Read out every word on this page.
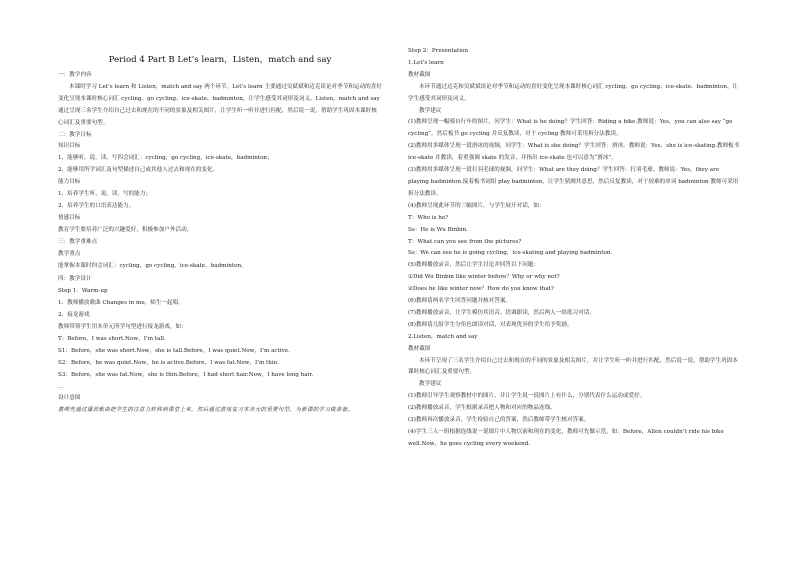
Period 4 Part B Let’s learn，Listen，match and say
一：教学内容
本课时学习 Let’s learn 和 Listen，match and say 两个环节。Let’s learn 主要通过吴斌斌和迈克谈论对季节和运动的喜好变化呈现本课时核心词汇 cycling、go cycling、ice-skate、badminton，让学生感受其词形及词义。Listen，match and say 通过呈现三名学生介绍自己过去和现在的不同的景象及相关图片，让学生听一听并进行匹配，然后说一说，帮助学生巩固本课时核心词汇及重要句型。
二：教学目标
知识目标
1、能够听、说、读、写四会词汇：cycling，go cycling，ice-skate，badminton；
2、能够用所学词汇及句型描述自己或其他人过去和现在的变化。
能力目标
1、培养学生听、说、读、写的能力；
2、培养学生的口语表达能力。
情感目标
教育学生要培养广泛的兴趣爱好，积极参加户外活动。
三：教学重难点
教学重点
能掌握本课时四会词汇：cycling，go cycling，ice-skate，badminton。
四：教学设计
Step 1：Warm-up
1、教师播放歌曲 Changes in me，师生一起唱。
2、接龙游戏
教师带领学生用本单元所学句型进行接龙游戏，如：
T：Before，I was short.Now，I’m tall.
S1：Before，she was short.Now，she is tall.Before，I was quiet.Now，I’m active.
S2：Before，he was quiet.Now，he is active.Before，I was fat.Now，I’m thin.
S3：Before，she was fat.Now，she is thin.Before，I had short hair.Now，I have long hair.
…
设计意图
教师先通过播放歌曲把学生的注意力转移到课堂上来，然后通过游戏复习本单元的重要句型，为新课的学习做准备。
Step 2：Presentation
1.Let’s learn
教材截图
本环节通过迈克和吴斌斌谈论对季节和运动的喜好变化呈现本课时核心词汇 cycling、go cycling、ice-skate、badminton，让学生感受其词形及词义。
教学建议
(1)教师呈现一幅骑自行车的图片，问学生：What is he doing？学生回答：Riding a bike.教师说：Yes，you can also say “go cycling”。然后板书 go cycling 并反复教读，对于 cycling 教师可采用拆分法教读。
(2)教师用多媒体呈现一段滑冰的视频，问学生：What is she doing？学生回答：滑冰。教师说：Yes，she is ice-skating.教师板书 ice-skate 并教读，着重强调 skate 的发音，并指出 ice-skate 也可以意为“滑冰”。
(3)教师用多媒体呈现一段打羽毛球的视频，问学生：What are they doing？学生回答：打羽毛球。教师说：Yes，they are playing badminton.接着板书词组 play badminton，让学生猜测其意思，然后反复教读，对于较难的单词 badminton 教师可采用拆分法教读。
(4)教师呈现此环节的三幅图片，与学生展开对话，如：
T：Who is he?
Ss：He is Wu Binbin.
T：What can you see from the pictures?
Ss：We can see he is going cycling，ice-skating and playing badminton.
(5)教师播放录音，然后让学生讨论并回答以下问题：
①Did Wu Binbin like winter before？Why or why not?
②Does he like winter now？How do you know that?
(6)教师请两名学生回答问题并核对答案。
(7)教师播放录音，让学生模仿其语音、语调跟读，然后两人一组练习对话。
(8)教师请几组学生分角色朗读对话，对表现优异的学生给予奖励。
2.Listen，match and say
教材截图
本环节呈现了三名学生介绍自己过去和现在的不同的景象及相关图片，并让学生听一听并进行匹配，然后说一说，帮助学生巩固本课时核心词汇及重要句型。
教学建议
(1)教师引导学生观察教材中的图片，并让学生说一说图片上有什么，分别代表什么运动或爱好。
(2)教师播放录音，学生根据录音把人物和对应的物品连线。
(3)教师再次播放录音，学生检验自己的答案，然后教师带学生核对答案。
(4)学生三人一组根据连线说一说图片中人物以前和现在的变化，教师可先做示范，如：Before，Allen couldn’t ride his bike well.Now，he goes cycling every weekend.
